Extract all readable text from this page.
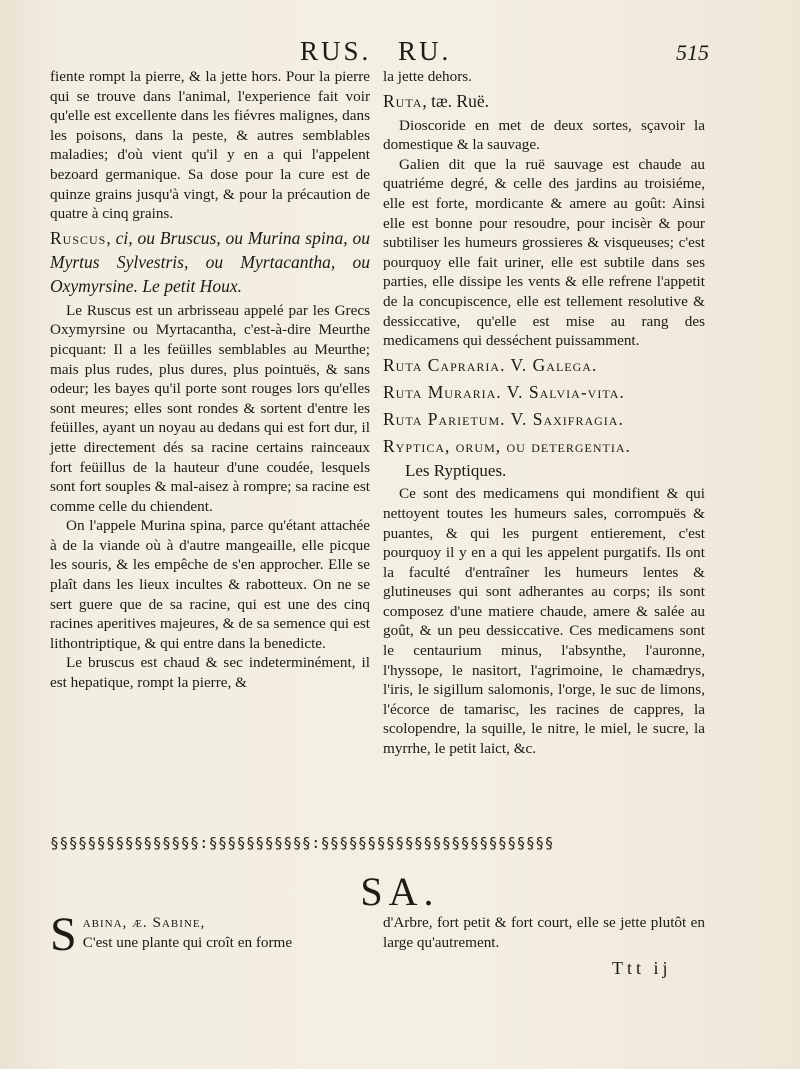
RUS. RU.	515

fiente rompt la pierre, & la jette hors. Pour la pierre qui se trouve dans l'animal, l'experience fait voir qu'elle est excellente dans les fiévres malignes, dans les poisons, dans la peste, & autres semblables maladies; d'où vient qu'il y en a qui l'appelent bezoard germanique. Sa dose pour la cure est de quinze grains jusqu'à vingt, & pour la précaution de quatre à cinq grains.

Ruscus, ci, ou Bruscus, ou Murina spina, ou Myrtus Sylvestris, ou Myrtacantha, ou Oxymyrsine. Le petit Houx.

Le Ruscus est un arbrisseau appelé par les Grecs Oxymyrsine ou Myrtacantha, c'est-à-dire Meurthe picquant: Il a les feüilles semblables au Meurthe; mais plus rudes, plus dures, plus pointuës, & sans odeur; les bayes qu'il porte sont rouges lors qu'elles sont meures; elles sont rondes & sortent d'entre les feüilles, ayant un noyau au dedans qui est fort dur, il jette directement dés sa racine certains rainceaux fort feüillus de la hauteur d'une coudée, lesquels sont fort souples & mal-aisez à rompre; sa racine est comme celle du chiendent.

On l'appele Murina spina, parce qu'étant attachée à de la viande où à d'autre mangeaille, elle picque les souris, & les empêche de s'en approcher. Elle se plaît dans les lieux incultes & rabotteux. On ne se sert guere que de sa racine, qui est une des cinq racines aperitives majeures, & de sa semence qui est lithontriptique, & qui entre dans la benedicte.

Le bruscus est chaud & sec indeterminément, il est hepatique, rompt la pierre, &

la jette dehors.

Ruta, tæ. Ruë.

Dioscoride en met de deux sortes, sçavoir la domestique & la sauvage.

Galien dit que la ruë sauvage est chaude au quatriéme degré, & celle des jardins au troisiéme, elle est forte, mordicante & amere au goût: Ainsi elle est bonne pour resoudre, pour incisèr & pour subtiliser les humeurs grossieres & visqueuses; c'est pourquoy elle fait uriner, elle est subtile dans ses parties, elle dissipe les vents & elle refrene l'appetit de la concupiscence, elle est tellement resolutive & dessiccative, qu'elle est mise au rang des medicamens qui desséchent puissamment.

Ruta Capraria. V. Galega.

Ruta Muraria. V. Salvia-vita.

Ruta Parietum. V. Saxifragia.

Ryptica, orum, ou detergentia.

Les Ryptiques.

Ce sont des medicamens qui mondifient & qui nettoyent toutes les humeurs sales, corrompuës & puantes, & qui les purgent entierement, c'est pourquoy il y en a qui les appelent purgatifs. Ils ont la faculté d'entraîner les humeurs lentes & glutineuses qui sont adherantes au corps; ils sont composez d'une matiere chaude, amere & salée au goût, & un peu dessiccative. Ces medicamens sont le centaurium minus, l'absynthe, l'auronne, l'hyssope, le nasitort, l'agrimoine, le chamædrys, l'iris, le sigillum salomonis, l'orge, le suc de limons, l'écorce de tamarisc, les racines de cappres, la scolopendre, la squille, le nitre, le miel, le sucre, la myrrhe, le petit laict, &c.

§§§§§§§§§§§§§§§§:§§§§§§§§§§§:§§§§§§§§§§§§§§§§§§§§§§§§§
SA.
S abina, æ. Sabine,
C'est une plante qui croît en forme
d'Arbre, fort petit & fort court, elle se jette plutôt en large qu'autrement.
Ttt ij
